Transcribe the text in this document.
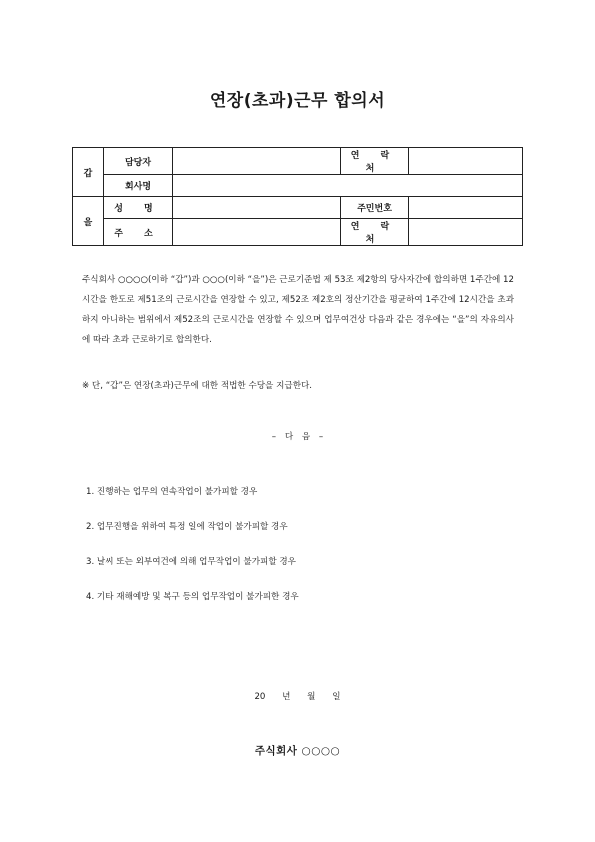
연장(초과)근무 합의서
갑	담당자		연 락 처	
	회사명			
을	성 명		주민번호	
	주 소		연 락 처	
주식회사 ○○○○(이하 “갑”)과 ○○○(이하 “을”)은 근로기준법 제 53조 제2항의 당사자간에 합의하면 1주간에 12시간을 한도로 제51조의 근로시간을 연장할 수 있고, 제52조 제2호의 정산기간을 평균하여 1주간에 12시간을 초과하지 아니하는 범위에서 제52조의 근로시간을 연장할 수 있으며 업무여건상 다음과 같은 경우에는 “을”의 자유의사에 따라 초과 근로하기로 합의한다.
※ 단, “갑”은 연장(초과)근무에 대한 적법한 수당을 지급한다.
– 다 음 –
1. 진행하는 업무의 연속작업이 불가피할 경우
2. 업무진행을 위하여 특정 일에 작업이 불가피할 경우
3. 날씨 또는 외부여건에 의해 업무작업이 불가피할 경우
4. 기타 재해예방 및 복구 등의 업무작업이 불가피한 경우
20 년 월 일
주식회사 ○○○○
